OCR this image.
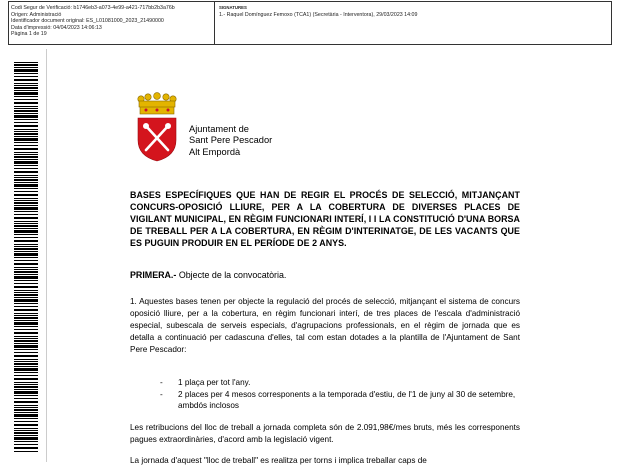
Codi Segur de Verificació: b1746eb3-a073-4e99-a421-717bb2b3a76b
Origen: Administració
Identificador document original: ES_L01081000_2023_21490000
Data d'impressió: 04/04/2023 14:06:13
Pàgina 1 de 19
SIGNATURES
1.- Raquel Domínguez Femoxo (TCA1) (Secretària - Interventora), 29/03/2023 14:09
Ajuntament de
Sant Pere Pescador
Alt Empordà
BASES ESPECÍFIQUES QUE HAN DE REGIR EL PROCÉS DE SELECCIÓ, MITJANÇANT CONCURS-OPOSICIÓ LLIURE, PER A LA COBERTURA DE DIVERSES PLACES DE VIGILANT MUNICIPAL, EN RÈGIM FUNCIONARI INTERÍ, I I LA CONSTITUCIÓ D'UNA BORSA DE TREBALL PER A LA COBERTURA, EN RÈGIM D'INTERINATGE, DE LES VACANTS QUE ES PUGUIN PRODUIR EN EL PERÍODE DE 2 ANYS.
PRIMERA.- Objecte de la convocatòria.
1. Aquestes bases tenen per objecte la regulació del procés de selecció, mitjançant el sistema de concurs oposició lliure, per a la cobertura, en règim funcionari interí, de tres places de l'escala d'administració especial, subescala de serveis especials, d'agrupacions professionals, en el règim de jornada que es detalla a continuació per cadascuna d'elles, tal com estan dotades a la plantilla de l'Ajuntament de Sant Pere Pescador:
- 1 plaça per tot l'any.
- 2 places per 4 mesos corresponents a la temporada d'estiu, de l'1 de juny al 30 de setembre, ambdós inclosos
Les retribucions del lloc de treball a jornada completa són de 2.091,98€/mes bruts, més les corresponents pagues extraordinàries, d'acord amb la legislació vigent.
La jornada d'aquest "lloc de treball" es realitza per torns i implica treballar caps de
